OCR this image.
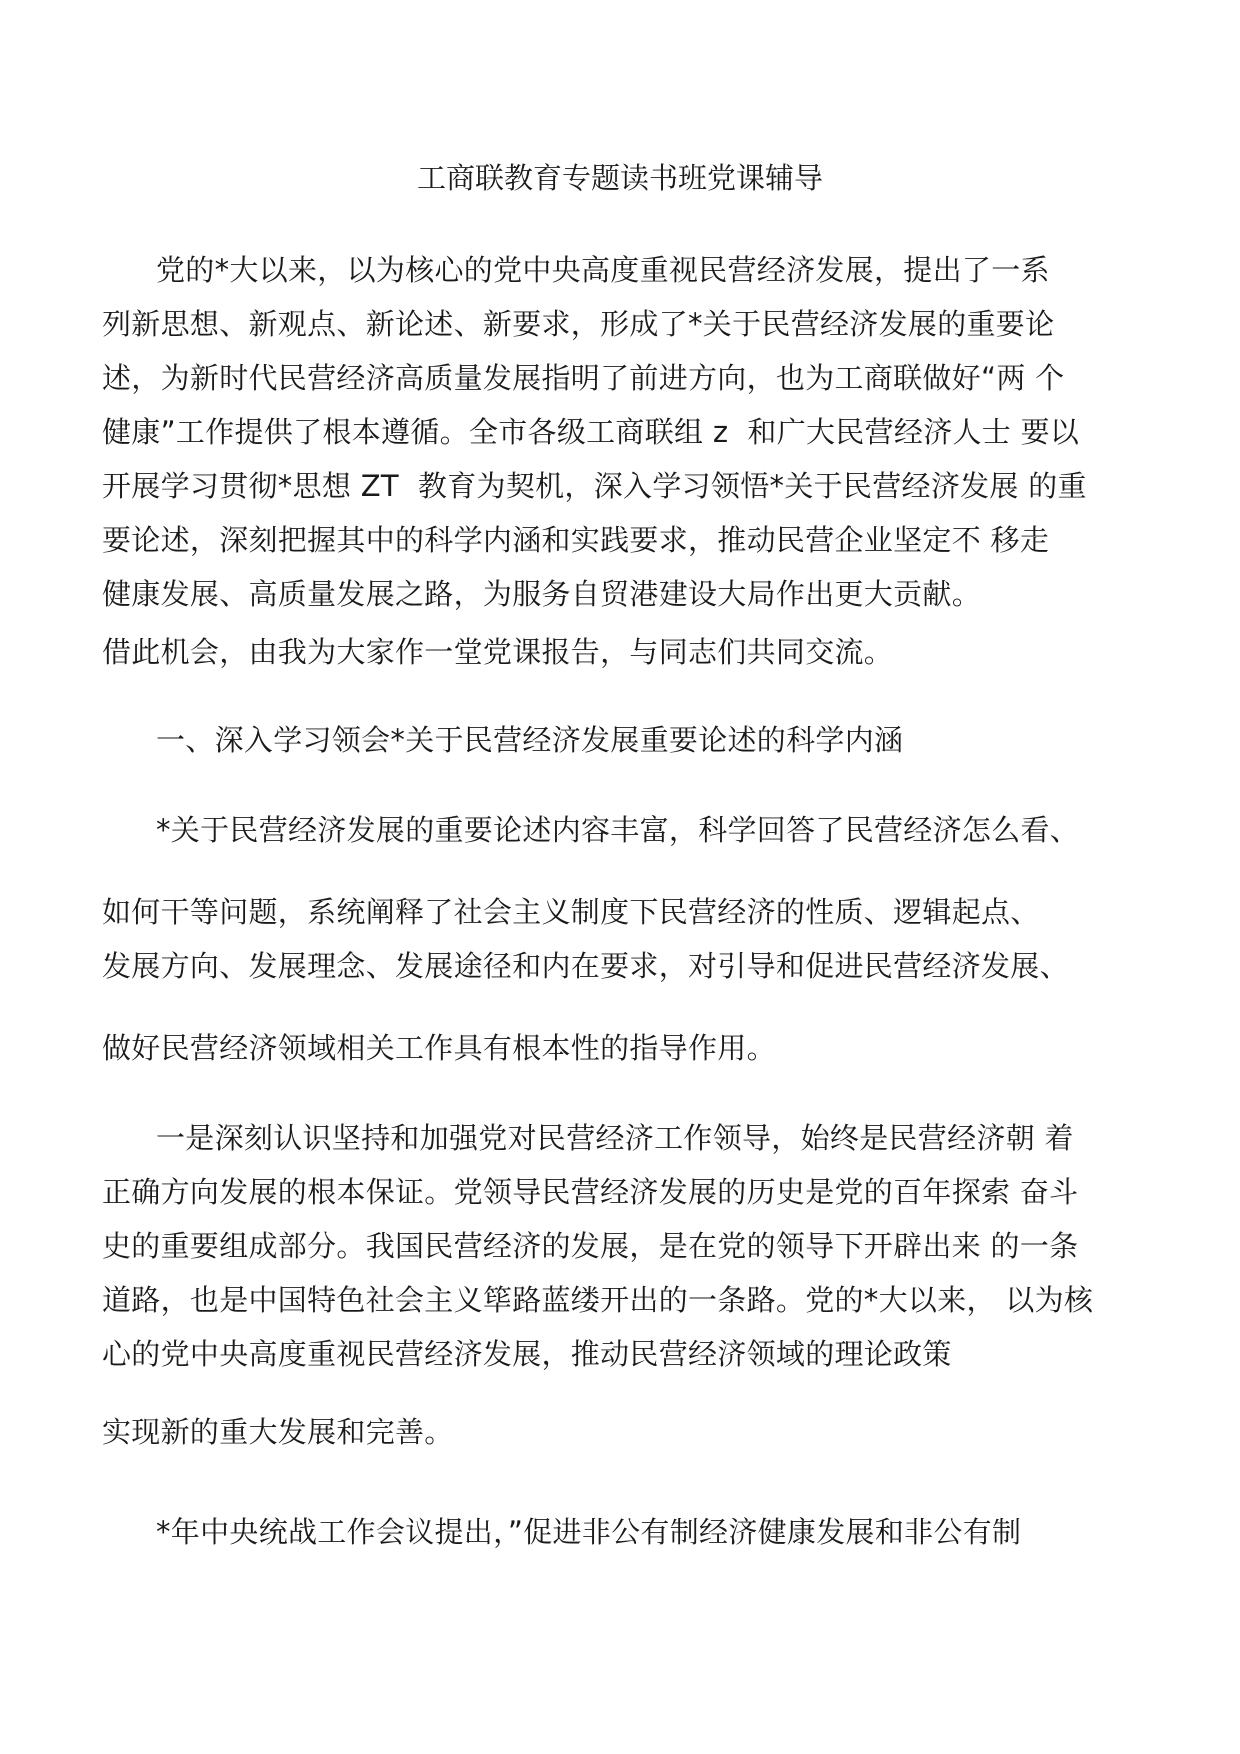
工商联教育专题读书班党课辅导
党的*大以来，以为核心的党中央高度重视民营经济发展，提出了一系
列新思想、新观点、新论述、新要求，形成了*关于民营经济发展的重要论
述，为新时代民营经济高质量发展指明了前进方向，也为工商联做好“两 个
健康”工作提供了根本遵循。全市各级工商联组 z  和广大民营经济人士 要以
开展学习贯彻*思想 ZT  教育为契机，深入学习领悟*关于民营经济发展 的重
要论述，深刻把握其中的科学内涵和实践要求，推动民营企业坚定不 移走
健康发展、高质量发展之路，为服务自贸港建设大局作出更大贡献。
借此机会，由我为大家作一堂党课报告，与同志们共同交流。
一、深入学习领会*关于民营经济发展重要论述的科学内涵
*关于民营经济发展的重要论述内容丰富，科学回答了民营经济怎么看、
如何干等问题，系统阐释了社会主义制度下民营经济的性质、逻辑起点、
发展方向、发展理念、发展途径和内在要求，对引导和促进民营经济发展、
做好民营经济领域相关工作具有根本性的指导作用。
一是深刻认识坚持和加强党对民营经济工作领导，始终是民营经济朝 着
正确方向发展的根本保证。党领导民营经济发展的历史是党的百年探索 奋斗
史的重要组成部分。我国民营经济的发展，是在党的领导下开辟出来 的一条
道路，也是中国特色社会主义筚路蓝缕开出的一条路。党的*大以来， 以为核
心的党中央高度重视民营经济发展，推动民营经济领域的理论政策
实现新的重大发展和完善。
*年中央统战工作会议提出，”促进非公有制经济健康发展和非公有制
